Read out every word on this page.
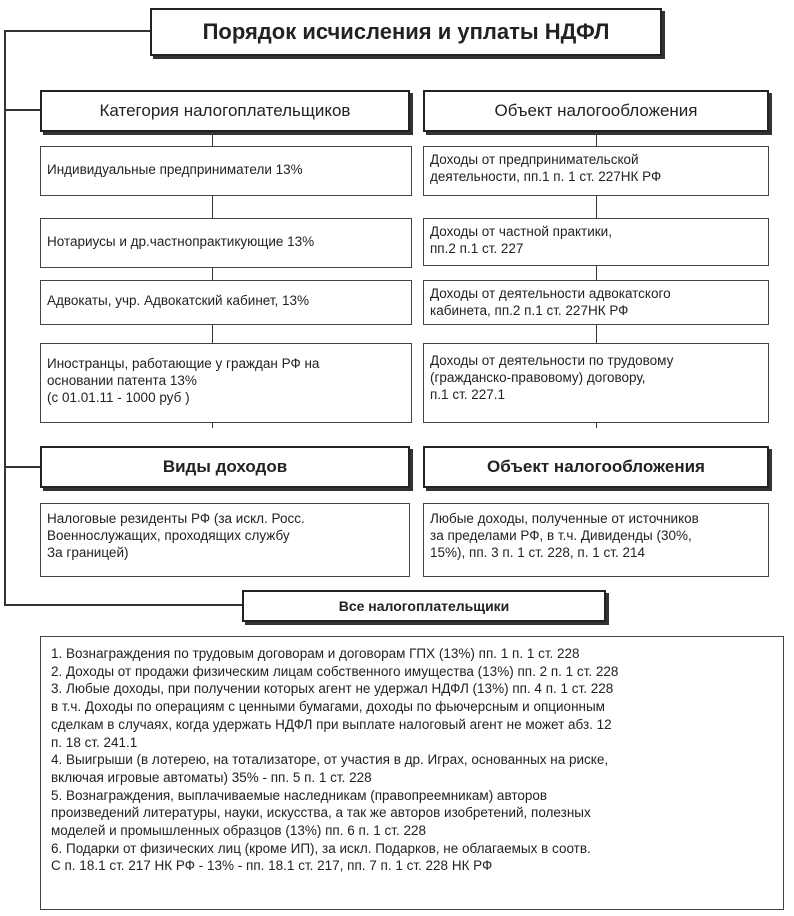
Порядок исчисления и уплаты НДФЛ
Категория налогоплательщиков	Объект налогообложения
Индивидуальные предприниматели 13%
Нотариусы и др.частнопрактикующие 13%
Адвокаты, учр. Адвокатский кабинет, 13%
Иностранцы, работающие у граждан РФ на
основании патента 13%
(с 01.01.11 - 1000 руб )
Доходы от предпринимательской
деятельности, пп.1 п. 1 ст. 227НК РФ
Доходы от частной практики,
пп.2 п.1 ст. 227
Доходы от деятельности адвокатского
кабинета, пп.2 п.1 ст. 227НК РФ
Доходы от деятельности по трудовому
(гражданско-правовому) договору,
п.1 ст. 227.1
Виды доходов	Объект налогообложения
Налоговые резиденты РФ (за искл. Росс.
Военнослужащих, проходящих службу
За границей)
Любые доходы, полученные от источников
за пределами РФ, в т.ч. Дивиденды (30%,
15%), пп. 3 п. 1 ст. 228, п. 1 ст. 214
Все налогоплательщики
1. Вознаграждения по трудовым договорам и договорам ГПХ (13%) пп. 1 п. 1 ст. 228
2. Доходы от продажи физическим лицам собственного имущества (13%) пп. 2 п. 1 ст. 228
3. Любые доходы, при получении которых агент не удержал НДФЛ (13%) пп. 4 п. 1 ст. 228
в т.ч. Доходы по операциям с ценными бумагами, доходы по фьючерсным и опционным
сделкам в случаях, когда удержать НДФЛ при выплате налоговый агент не может абз. 12
п. 18 ст. 241.1
4. Выигрыши (в лотерею, на тотализаторе, от участия в др. Играх, основанных на риске,
включая игровые автоматы) 35% - пп. 5 п. 1 ст. 228
5. Вознаграждения, выплачиваемые наследникам (правопреемникам) авторов
произведений литературы, науки, искусства, а так же авторов изобретений, полезных
моделей и промышленных образцов (13%) пп. 6 п. 1 ст. 228
6. Подарки от физических лиц (кроме ИП), за искл. Подарков, не облагаемых в соотв.
С п. 18.1 ст. 217 НК РФ - 13% - пп. 18.1 ст. 217, пп. 7 п. 1 ст. 228 НК РФ
